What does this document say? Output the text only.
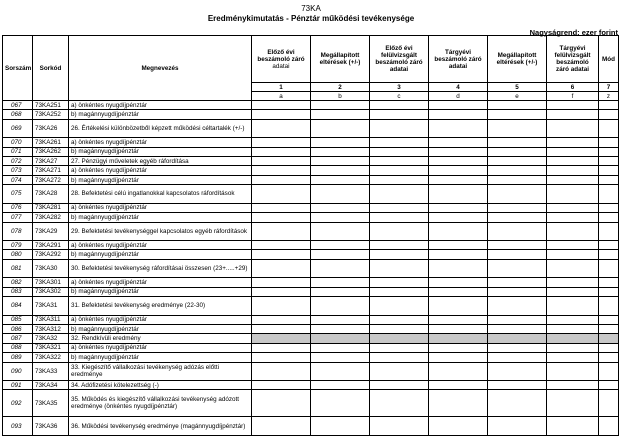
73KA
Eredménykimutatás - Pénztár működési tevékenysége
Nagyságrend: ezer forint
Sorszám	Sorkód	Megnevezés	Előző évi beszámoló záró
adatai	Megállapított eltérések (+/-)	Előző évi felülvizsgált beszámoló záró adatai	Tárgyévi beszámoló záró adatai	Megállapított eltérések (+/-)	Tárgyévi felülvizsgált beszámoló záró adatai	Mód
			1	2	3	4	5	6	7
			a	b	c	d	e	f	z
067	73KA251	a) önkéntes nyugdíjpénztár							
068	73KA252	b) magánnyugdíjpénztár							
069	73KA26	26. Értékelési különbözetből képzett működési céltartalék (+/-)							
070	73KA261	a) önkéntes nyugdíjpénztár							
071	73KA262	b) magánnyugdíjpénztár							
072	73KA27	27. Pénzügyi műveletek egyéb ráfordítása							
073	73KA271	a) önkéntes nyugdíjpénztár							
074	73KA272	b) magánnyugdíjpénztár							
075	73KA28	28. Befektetési célú ingatlanokkal kapcsolatos ráfordítások							
076	73KA281	a) önkéntes nyugdíjpénztár							
077	73KA282	b) magánnyugdíjpénztár							
078	73KA29	29. Befektetési tevékenységgel kapcsolatos egyéb ráfordítások							
079	73KA291	a) önkéntes nyugdíjpénztár							
080	73KA292	b) magánnyugdíjpénztár							
081	73KA30	30. Befektetési tevékenység ráfordításai összesen (23+.....+29)							
082	73KA301	a) önkéntes nyugdíjpénztár							
083	73KA302	b) magánnyugdíjpénztár							
084	73KA31	31. Befektetési tevékenység eredménye (22-30)							
085	73KA311	a) önkéntes nyugdíjpénztár							
086	73KA312	b) magánnyugdíjpénztár							
087	73KA32	32. Rendkívüli eredmény							
088	73KA321	a) önkéntes nyugdíjpénztár							
089	73KA322	b) magánnyugdíjpénztár							
090	73KA33	33. Kiegészítő vállalkozási tevékenység adózás előtti eredménye							
091	73KA34	34. Adófizetési kötelezettség (-)							
092	73KA35	35. Működés és kiegészítő vállalkozási tevékenység adózott eredménye (önkéntes nyugdíjpénztár)							
093	73KA36	36. Működési tevékenység eredménye (magánnyugdíjpénztár)							
